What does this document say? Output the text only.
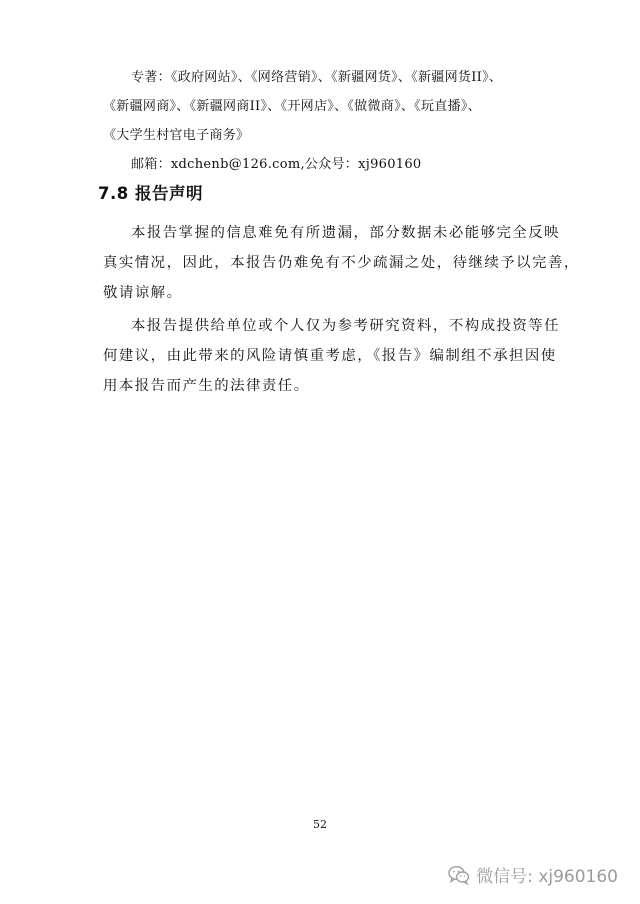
专著：《政府网站》、《网络营销》、《新疆网货》、《新疆网货II》、
《新疆网商》、《新疆网商II》、《开网店》、《做微商》、《玩直播》、
《大学生村官电子商务》
邮箱：xdchenb@126.com,公众号：xj960160
7.8 报告声明
本报告掌握的信息难免有所遗漏，部分数据未必能够完全反映
真实情况，因此，本报告仍难免有不少疏漏之处，待继续予以完善，
敬请谅解。
本报告提供给单位或个人仅为参考研究资料，不构成投资等任
何建议，由此带来的风险请慎重考虑，《报告》编制组不承担因使
用本报告而产生的法律责任。
52
微信号: xj960160
